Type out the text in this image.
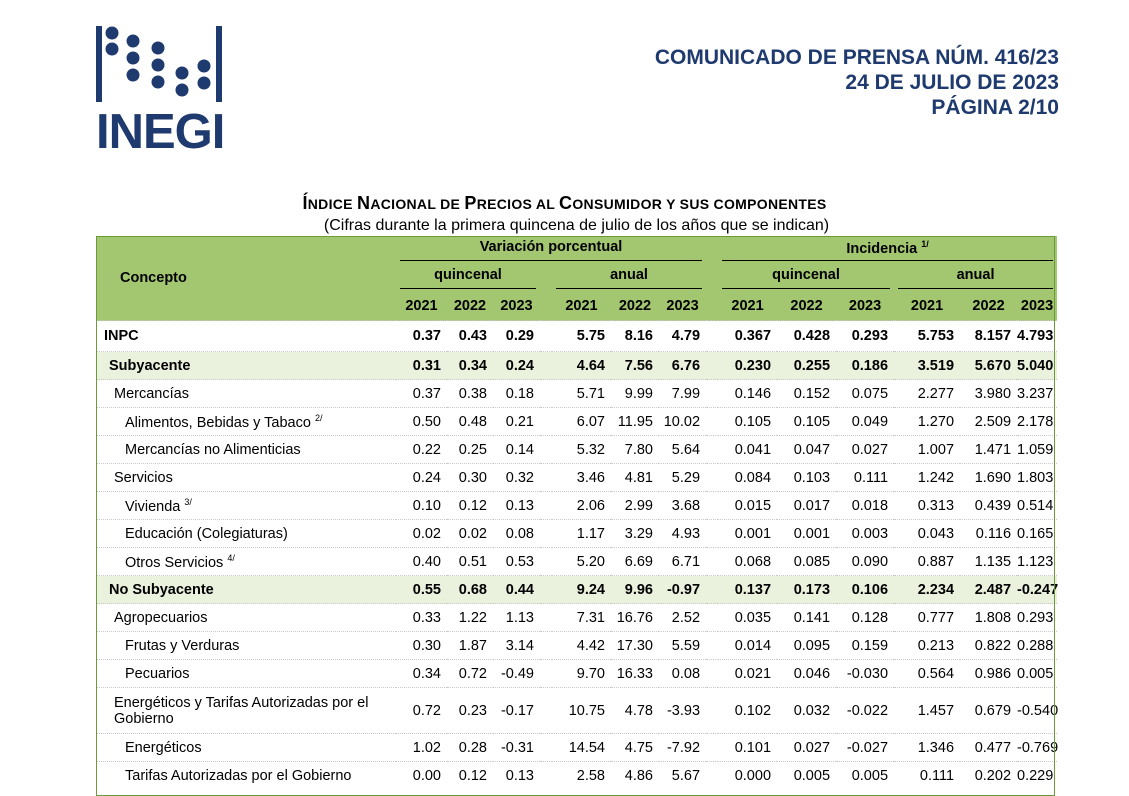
INEGI
COMUNICADO DE PRENSA NÚM. 416/23
24 DE JULIO DE 2023
PÁGINA 2/10
ÍNDICE NACIONAL DE PRECIOS AL CONSUMIDOR Y SUS COMPONENTES
(Cifras durante la primera quincena de julio de los años que se indican)
Concepto	Variación porcentual								Incidencia $^{1/}$

	quincenal				anual				quincenal			anual		

	2021	2022	2023		2021	2022	2023		2021	2022	2023	2021	2022	2023
INPC	0.37	0.43	0.29		5.75	8.16	4.79		0.367	0.428	0.293	5.753	8.157	4.793
Subyacente	0.31	0.34	0.24		4.64	7.56	6.76		0.230	0.255	0.186	3.519	5.670	5.040
Mercancías	0.37	0.38	0.18		5.71	9.99	7.99		0.146	0.152	0.075	2.277	3.980	3.237
Alimentos, Bebidas y Tabaco $^{2/}$	0.50	0.48	0.21		6.07	11.95	10.02		0.105	0.105	0.049	1.270	2.509	2.178
Mercancías no Alimenticias	0.22	0.25	0.14		5.32	7.80	5.64		0.041	0.047	0.027	1.007	1.471	1.059
Servicios	0.24	0.30	0.32		3.46	4.81	5.29		0.084	0.103	0.111	1.242	1.690	1.803
Vivienda $^{3/}$	0.10	0.12	0.13		2.06	2.99	3.68		0.015	0.017	0.018	0.313	0.439	0.514
Educación (Colegiaturas)	0.02	0.02	0.08		1.17	3.29	4.93		0.001	0.001	0.003	0.043	0.116	0.165
Otros Servicios $^{4/}$	0.40	0.51	0.53		5.20	6.69	6.71		0.068	0.085	0.090	0.887	1.135	1.123
No Subyacente	0.55	0.68	0.44		9.24	9.96	-0.97		0.137	0.173	0.106	2.234	2.487	-0.247
Agropecuarios	0.33	1.22	1.13		7.31	16.76	2.52		0.035	0.141	0.128	0.777	1.808	0.293
Frutas y Verduras	0.30	1.87	3.14		4.42	17.30	5.59		0.014	0.095	0.159	0.213	0.822	0.288
Pecuarios	0.34	0.72	-0.49		9.70	16.33	0.08		0.021	0.046	-0.030	0.564	0.986	0.005
Energéticos y Tarifas Autorizadas por el Gobierno	0.72	0.23	-0.17		10.75	4.78	-3.93		0.102	0.032	-0.022	1.457	0.679	-0.540
Energéticos	1.02	0.28	-0.31		14.54	4.75	-7.92		0.101	0.027	-0.027	1.346	0.477	-0.769
Tarifas Autorizadas por el Gobierno	0.00	0.12	0.13		2.58	4.86	5.67		0.000	0.005	0.005	0.111	0.202	0.229
